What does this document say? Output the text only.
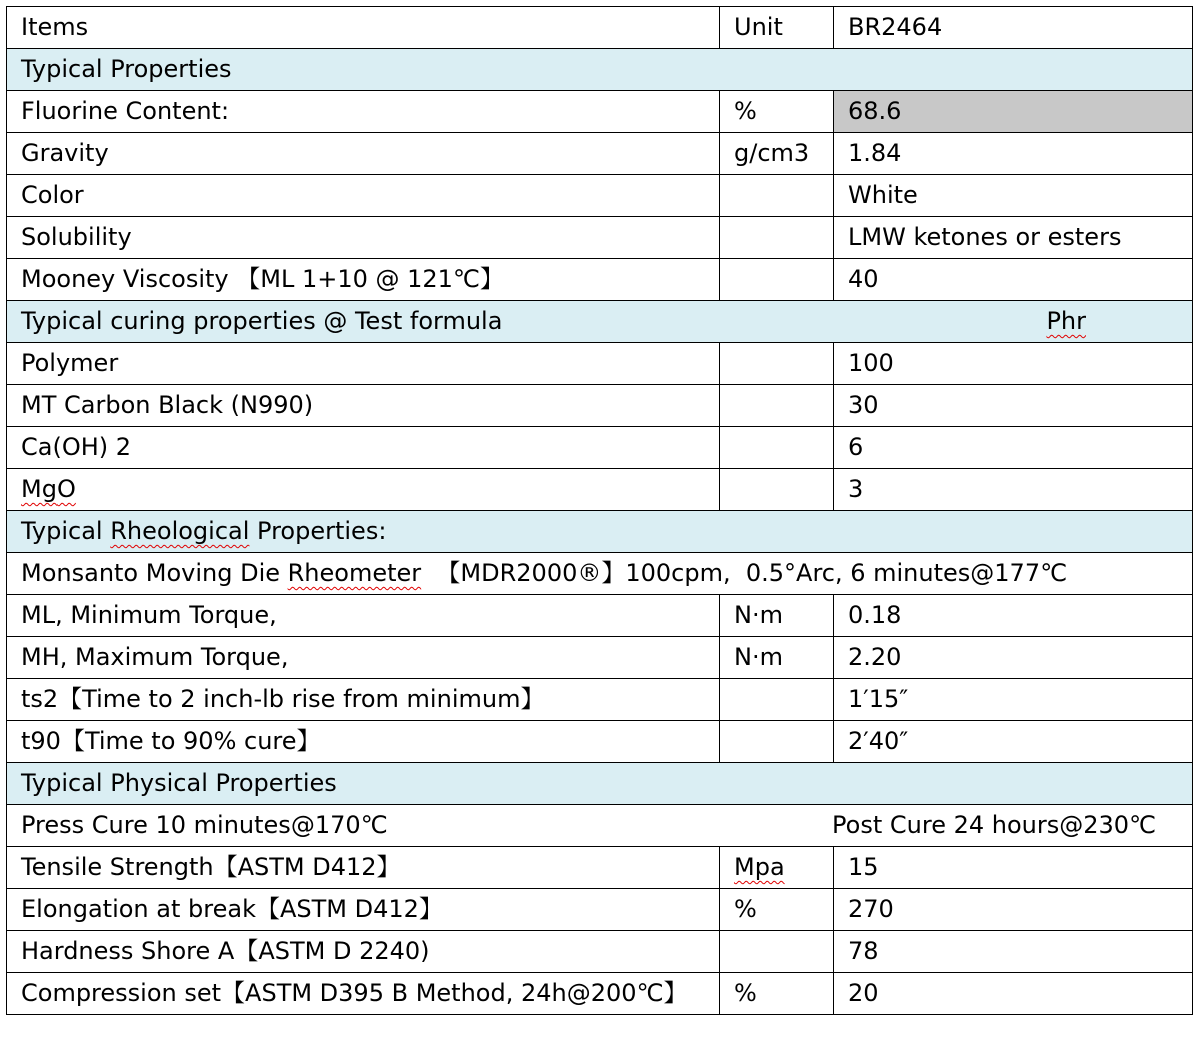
Items	Unit	BR2464
Typical Properties		
Fluorine Content:	%	68.6
Gravity	g/cm3	1.84
Color		White
Solubility		LMW ketones or esters
Mooney Viscosity 【ML 1+10 @ 121℃】		40

Typical curing properties @ Test formula Phr		

Polymer		100
MT Carbon Black (N990)		30
Ca(OH) 2		6
MgO		3
Typical Rheological Properties:		
Monsanto Moving Die Rheometer  【MDR2000®】100cpm,  0.5°Arc, 6 minutes@177℃		
ML, Minimum Torque,	N·m	0.18
MH, Maximum Torque,	N·m	2.20
ts2【Time to 2 inch-lb rise from minimum】		1′15″
t90【Time to 90% cure】		2′40″
Typical Physical Properties		

Press Cure 10 minutes@170℃ Post Cure 24 hours@230℃		

Tensile Strength【ASTM D412】	Mpa	15
Elongation at break【ASTM D412】	%	270
Hardness Shore A【ASTM D 2240)		78
Compression set【ASTM D395 B Method, 24h@200℃】	%	20
